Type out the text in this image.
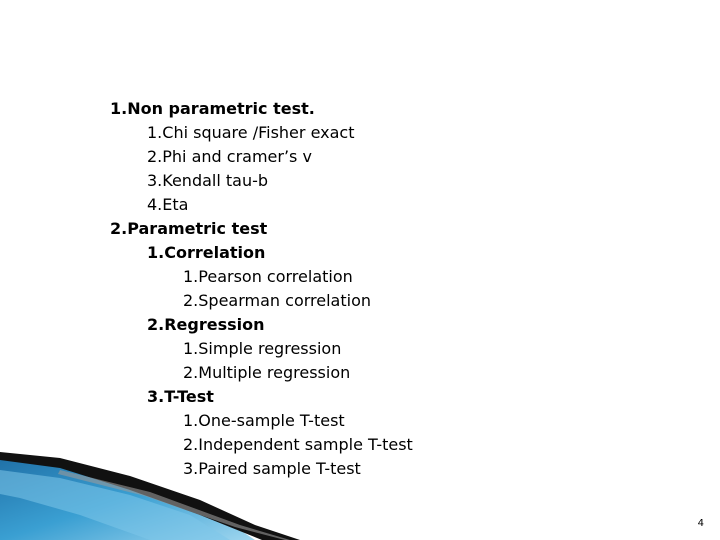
1.Non parametric test.
1.Chi square /Fisher exact
2.Phi and cramer’s v
3.Kendall tau-b
4.Eta
2.Parametric test
1.Correlation
1.Pearson correlation
2.Spearman correlation
2.Regression
1.Simple regression
2.Multiple regression
3.T-Test
1.One-sample T-test
2.Independent sample T-test
3.Paired sample T-test
4
